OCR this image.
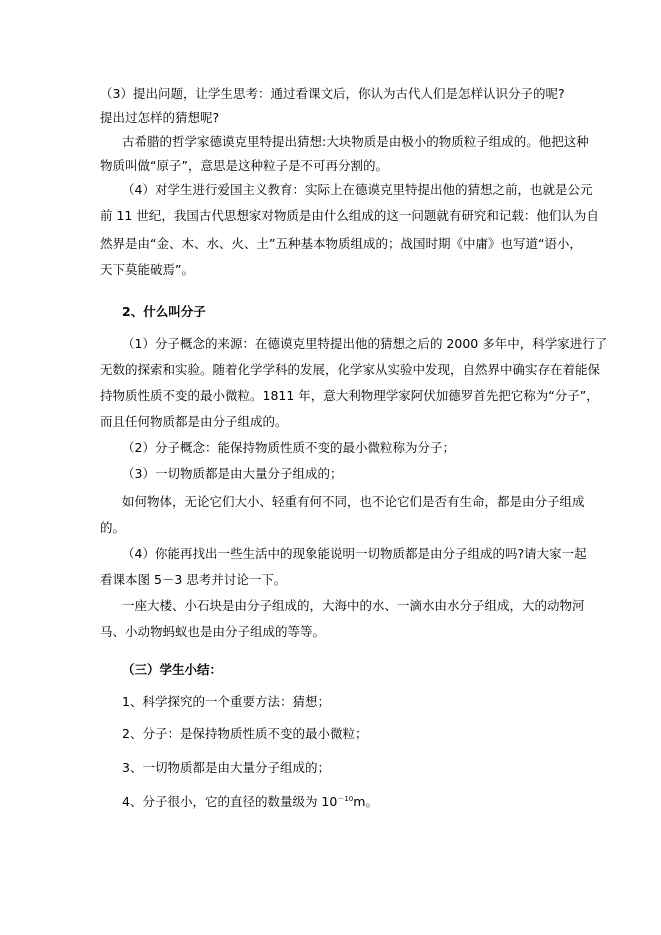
（3）提出问题，让学生思考：通过看课文后，你认为古代人们是怎样认识分子的呢?
提出过怎样的猜想呢?
古希腊的哲学家德谟克里特提出猜想:大块物质是由极小的物质粒子组成的。他把这种
物质叫做“原子”，意思是这种粒子是不可再分割的。
（4）对学生进行爱国主义教育：实际上在德谟克里特提出他的猜想之前，也就是公元
前 11 世纪，我国古代思想家对物质是由什么组成的这一问题就有研究和记载：他们认为自
然界是由“金、木、水、火、土”五种基本物质组成的；战国时期《中庸》也写道“语小，
天下莫能破焉”。
2、什么叫分子
（1）分子概念的来源：在德谟克里特提出他的猜想之后的 2000 多年中，科学家进行了
无数的探索和实验。随着化学学科的发展，化学家从实验中发现，自然界中确实存在着能保
持物质性质不变的最小微粒。1811 年，意大利物理学家阿伏加德罗首先把它称为“分子”，
而且任何物质都是由分子组成的。
（2）分子概念：能保持物质性质不变的最小微粒称为分子；
（3）一切物质都是由大量分子组成的；
如何物体，无论它们大小、轻重有何不同，也不论它们是否有生命，都是由分子组成
的。
（4）你能再找出一些生活中的现象能说明一切物质都是由分子组成的吗?请大家一起
看课本图 5－3 思考并讨论一下。
一座大楼、小石块是由分子组成的，大海中的水、一滴水由水分子组成，大的动物河
马、小动物蚂蚁也是由分子组成的等等。
（三）学生小结：
1、科学探究的一个重要方法：猜想；
2、分子：是保持物质性质不变的最小微粒；
3、一切物质都是由大量分子组成的；
4、分子很小，它的直径的数量级为 $10^{-10}m$。
